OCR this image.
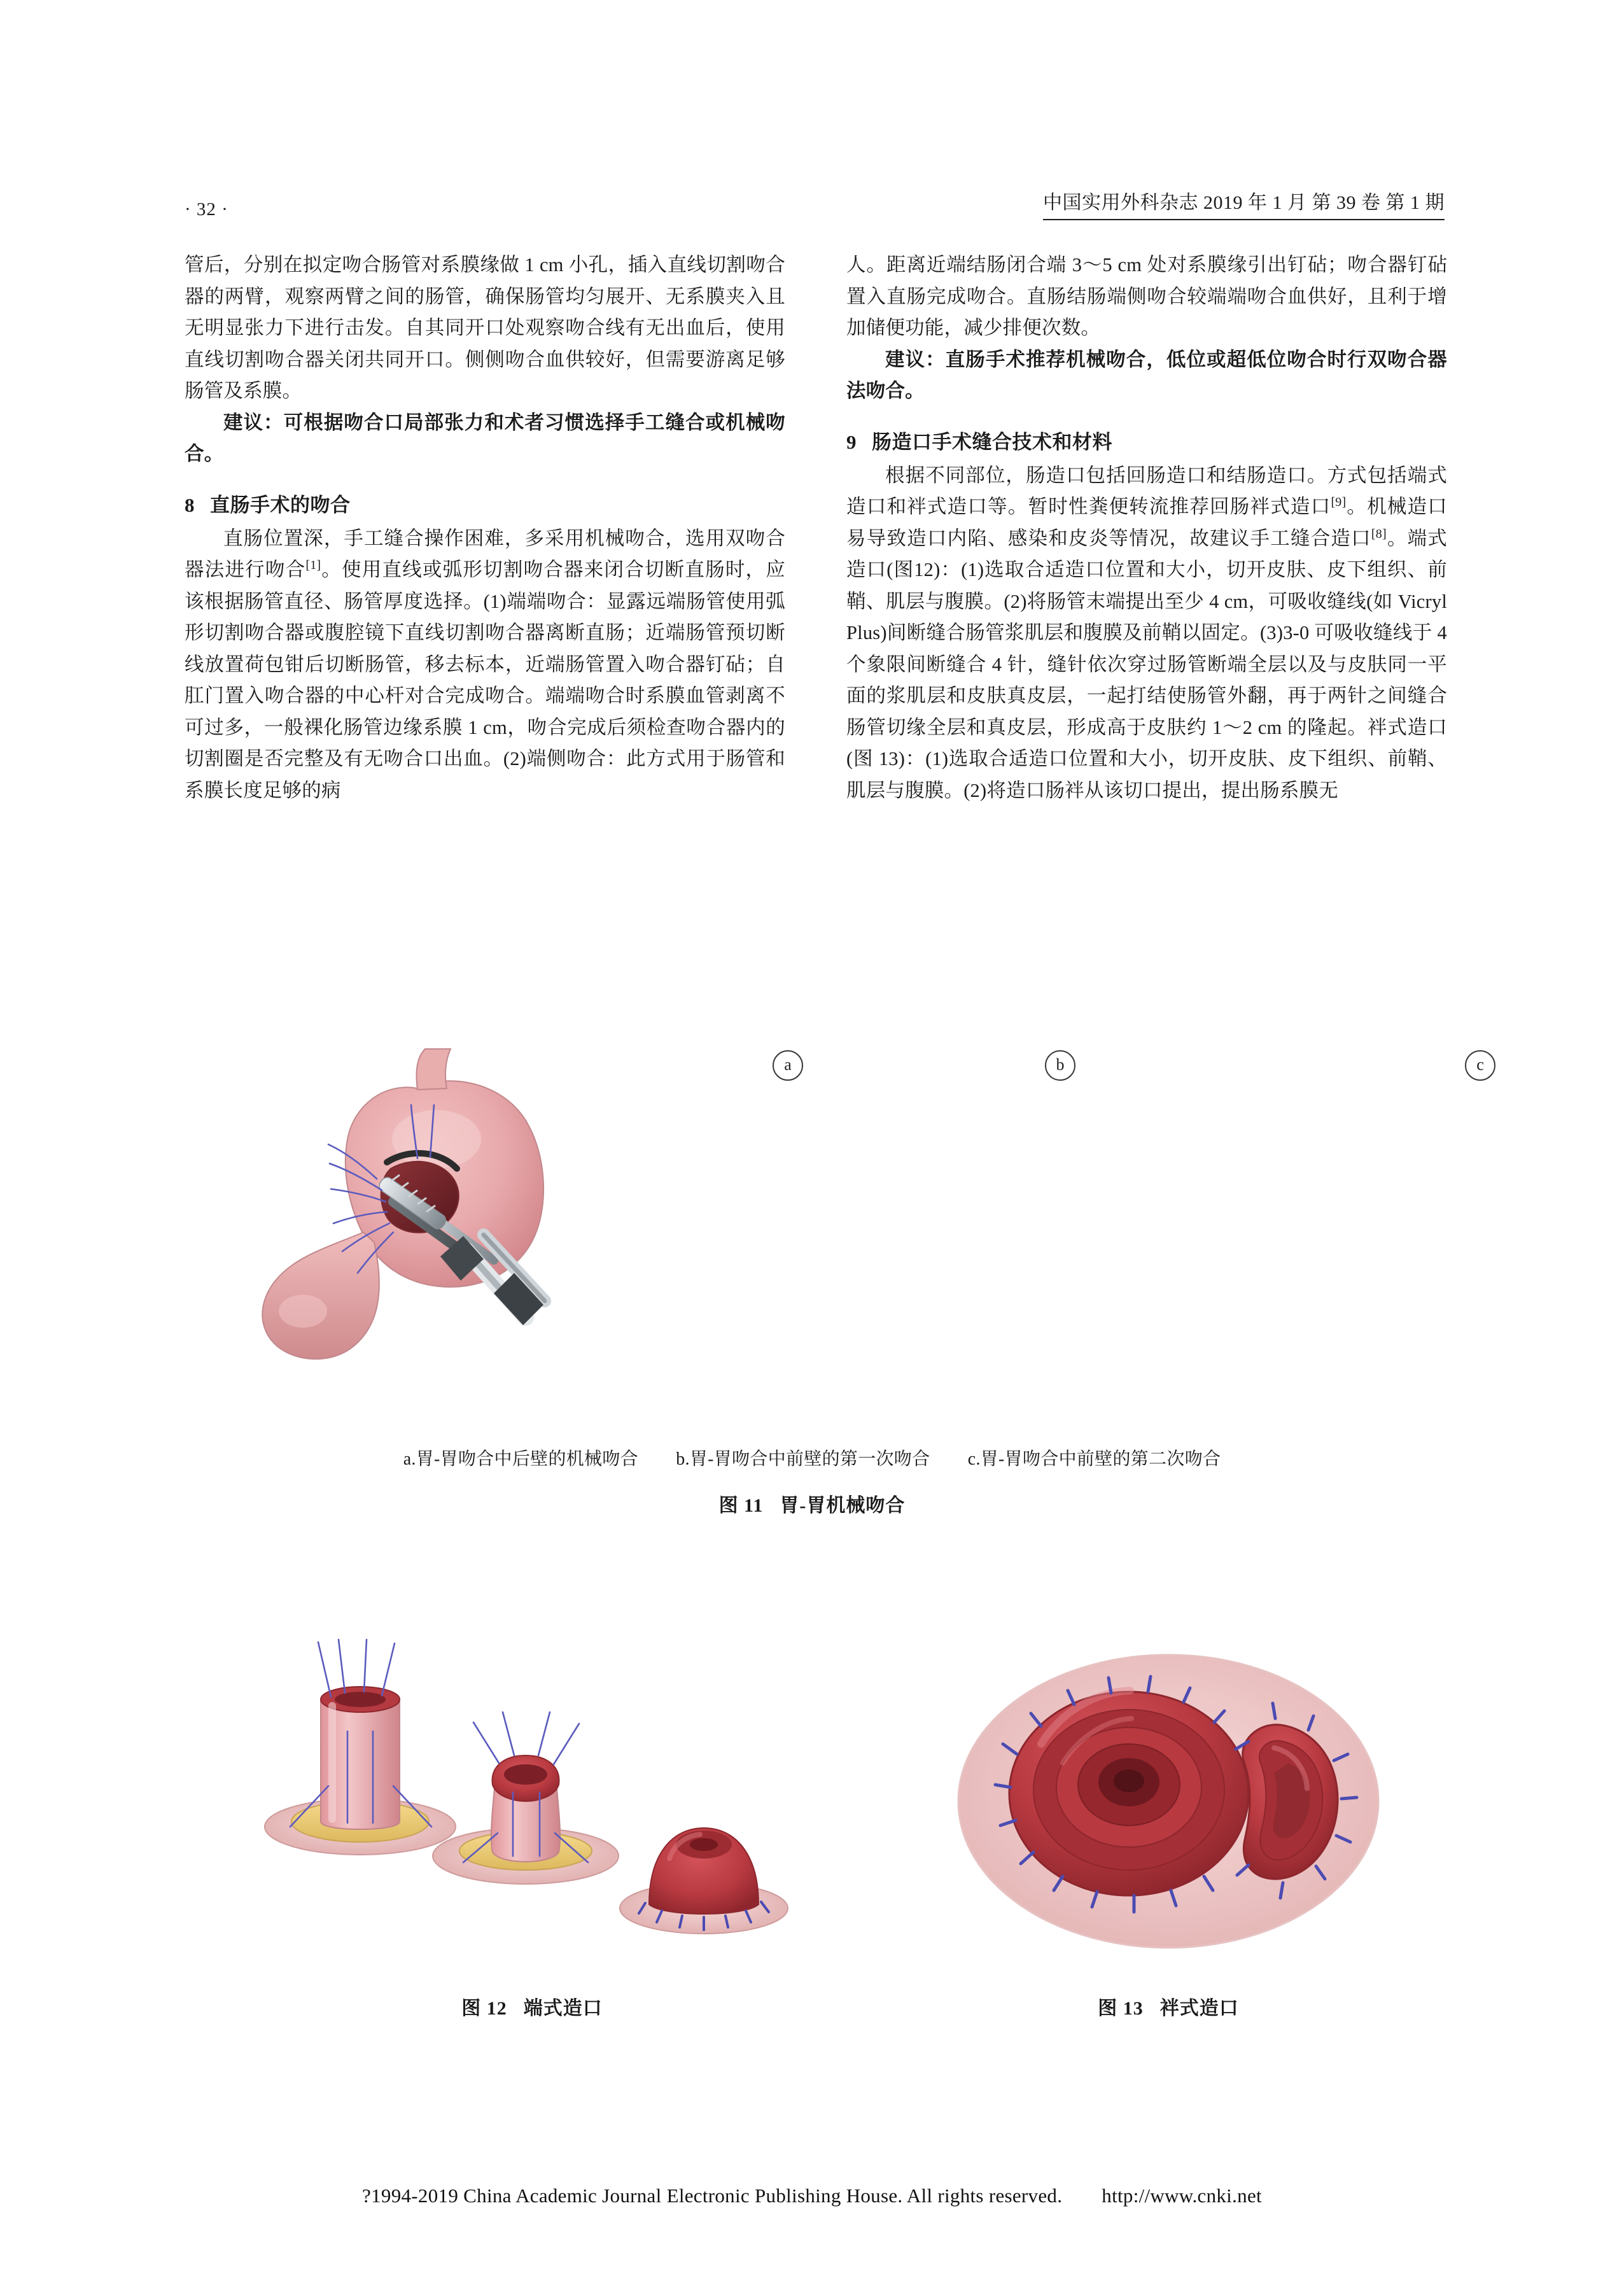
· 32 ·	中国实用外科杂志 2019 年 1 月 第 39 卷 第 1 期

管后，分别在拟定吻合肠管对系膜缘做 1 cm 小孔，插入直线切割吻合器的两臂，观察两臂之间的肠管，确保肠管均匀展开、无系膜夹入且无明显张力下进行击发。自其同开口处观察吻合线有无出血后，使用直线切割吻合器关闭共同开口。侧侧吻合血供较好，但需要游离足够肠管及系膜。

建议：可根据吻合口局部张力和术者习惯选择手工缝合或机械吻合。

8 直肠手术的吻合

直肠位置深，手工缝合操作困难，多采用机械吻合，选用双吻合器法进行吻合[1]。使用直线或弧形切割吻合器来闭合切断直肠时，应该根据肠管直径、肠管厚度选择。(1)端端吻合：显露远端肠管使用弧形切割吻合器或腹腔镜下直线切割吻合器离断直肠；近端肠管预切断线放置荷包钳后切断肠管，移去标本，近端肠管置入吻合器钉砧；自肛门置入吻合器的中心杆对合完成吻合。端端吻合时系膜血管剥离不可过多，一般裸化肠管边缘系膜 1 cm，吻合完成后须检查吻合器内的切割圈是否完整及有无吻合口出血。(2)端侧吻合：此方式用于肠管和系膜长度足够的病

人。距离近端结肠闭合端 3～5 cm 处对系膜缘引出钉砧；吻合器钉砧置入直肠完成吻合。直肠结肠端侧吻合较端端吻合血供好，且利于增加储便功能，减少排便次数。

建议：直肠手术推荐机械吻合，低位或超低位吻合时行双吻合器法吻合。

9 肠造口手术缝合技术和材料

根据不同部位，肠造口包括回肠造口和结肠造口。方式包括端式造口和袢式造口等。暂时性粪便转流推荐回肠袢式造口[9]。机械造口易导致造口内陷、感染和皮炎等情况，故建议手工缝合造口[8]。端式造口(图12)：(1)选取合适造口位置和大小，切开皮肤、皮下组织、前鞘、肌层与腹膜。(2)将肠管末端提出至少 4 cm，可吸收缝线(如 Vicryl Plus)间断缝合肠管浆肌层和腹膜及前鞘以固定。(3)3-0 可吸收缝线于 4 个象限间断缝合 4 针，缝针依次穿过肠管断端全层以及与皮肤同一平面的浆肌层和皮肤真皮层，一起打结使肠管外翻，再于两针之间缝合肠管切缘全层和真皮层，形成高于皮肤约 1～2 cm 的隆起。袢式造口(图 13)：(1)选取合适造口位置和大小，切开皮肤、皮下组织、前鞘、肌层与腹膜。(2)将造口肠袢从该切口提出，提出肠系膜无

a	b	c
a.胃-胃吻合中后壁的机械吻合 b.胃-胃吻合中前壁的第一次吻合 c.胃-胃吻合中前壁的第二次吻合
图 11 胃-胃机械吻合
图 12 端式造口	图 13 袢式造口
?1994-2019 China Academic Journal Electronic Publishing House. All rights reserved. http://www.cnki.net
